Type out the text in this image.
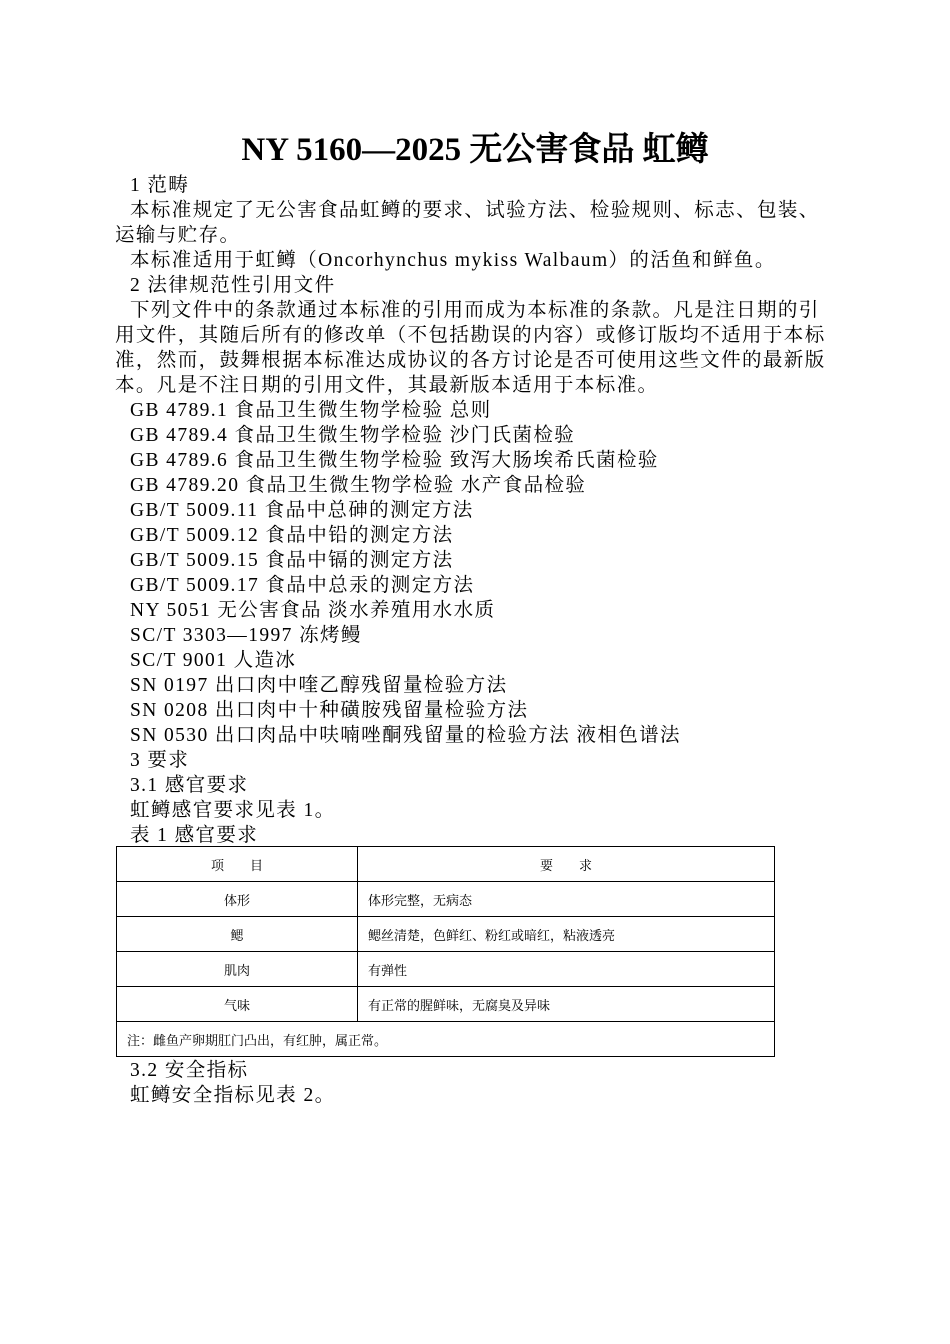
NY 5160—2025 无公害食品 虹鳟
1 范畴
本标准规定了无公害食品虹鳟的要求、试验方法、检验规则、标志、包装、运输与贮存。
本标准适用于虹鳟（Oncorhynchus mykiss Walbaum）的活鱼和鲜鱼。
2 法律规范性引用文件
下列文件中的条款通过本标准的引用而成为本标准的条款。凡是注日期的引用文件，其随后所有的修改单（不包括勘误的内容）或修订版均不适用于本标准，然而，鼓舞根据本标准达成协议的各方讨论是否可使用这些文件的最新版本。凡是不注日期的引用文件，其最新版本适用于本标准。
GB 4789.1 食品卫生微生物学检验 总则
GB 4789.4 食品卫生微生物学检验 沙门氏菌检验
GB 4789.6 食品卫生微生物学检验 致泻大肠埃希氏菌检验
GB 4789.20 食品卫生微生物学检验 水产食品检验
GB/T 5009.11 食品中总砷的测定方法
GB/T 5009.12 食品中铅的测定方法
GB/T 5009.15 食品中镉的测定方法
GB/T 5009.17 食品中总汞的测定方法
NY 5051 无公害食品 淡水养殖用水水质
SC/T 3303—1997 冻烤鳗
SC/T 9001 人造冰
SN 0197 出口肉中喹乙醇残留量检验方法
SN 0208 出口肉中十种磺胺残留量检验方法
SN 0530 出口肉品中呋喃唑酮残留量的检验方法 液相色谱法
3 要求
3.1 感官要求
虹鳟感官要求见表 1。
表 1 感官要求
项　　目	要　　求
体形	体形完整，无病态
鳃	鳃丝清楚，色鲜红、粉红或暗红，粘液透亮
肌肉	有弹性
气味	有正常的腥鲜味，无腐臭及异味
注：雌鱼产卵期肛门凸出，有红肿，属正常。	
3.2 安全指标
虹鳟安全指标见表 2。
